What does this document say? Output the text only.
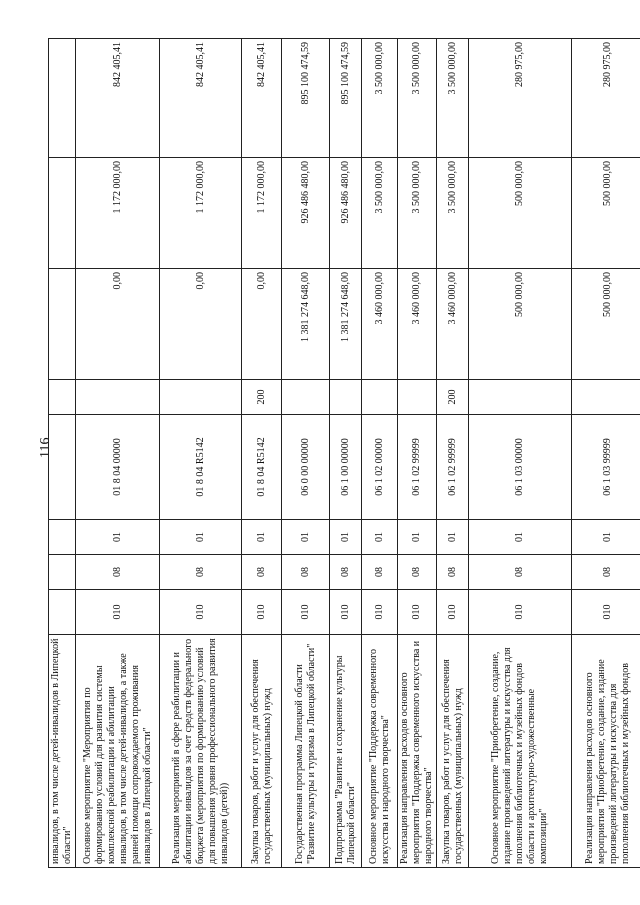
116
инвалидов, в том числе детей-инвалидов в Липецкой области"								
Основное мероприятие "Мероприятия по формированию условий для развития системы комплексной реабилитации и абилитации инвалидов, в том числе детей-инвалидов, а также ранней помощи сопровождаемого проживания инвалидов в Липецкой области"	010	08	01	01 8 04 00000		0,00	1 172 000,00	842 405,41
Реализация мероприятий в сфере реабилитации и абилитации инвалидов за счет средств федерального бюджета (мероприятия по формированию условий для повышения уровня профессионального развития инвалидов (детей))	010	08	01	01 8 04 R5142		0,00	1 172 000,00	842 405,41
Закупка товаров, работ и услуг для обеспечения государственных (муниципальных) нужд	010	08	01	01 8 04 R5142	200	0,00	1 172 000,00	842 405,41
Государственная программа Липецкой области "Развитие культуры и туризма в Липецкой области"	010	08	01	06 0 00 00000		1 381 274 648,00	926 486 480,00	895 100 474,59
Подпрограмма "Развитие и сохранение культуры Липецкой области"	010	08	01	06 1 00 00000		1 381 274 648,00	926 486 480,00	895 100 474,59
Основное мероприятие "Поддержка современного искусства и народного творчества"	010	08	01	06 1 02 00000		3 460 000,00	3 500 000,00	3 500 000,00
Реализация направления расходов основного мероприятия "Поддержка современного искусства и народного творчества"	010	08	01	06 1 02 99999		3 460 000,00	3 500 000,00	3 500 000,00
Закупка товаров, работ и услуг для обеспечения государственных (муниципальных) нужд	010	08	01	06 1 02 99999	200	3 460 000,00	3 500 000,00	3 500 000,00
Основное мероприятие "Приобретение, создание, издание произведений литературы и искусства для пополнения библиотечных и музейных фондов области и архитектурно-художественные композиции"	010	08	01	06 1 03 00000		500 000,00	500 000,00	280 975,00
Реализация направления расходов основного мероприятия "Приобретение, создание, издание произведений литературы и искусства для пополнения библиотечных и музейных фондов	010	08	01	06 1 03 99999		500 000,00	500 000,00	280 975,00
